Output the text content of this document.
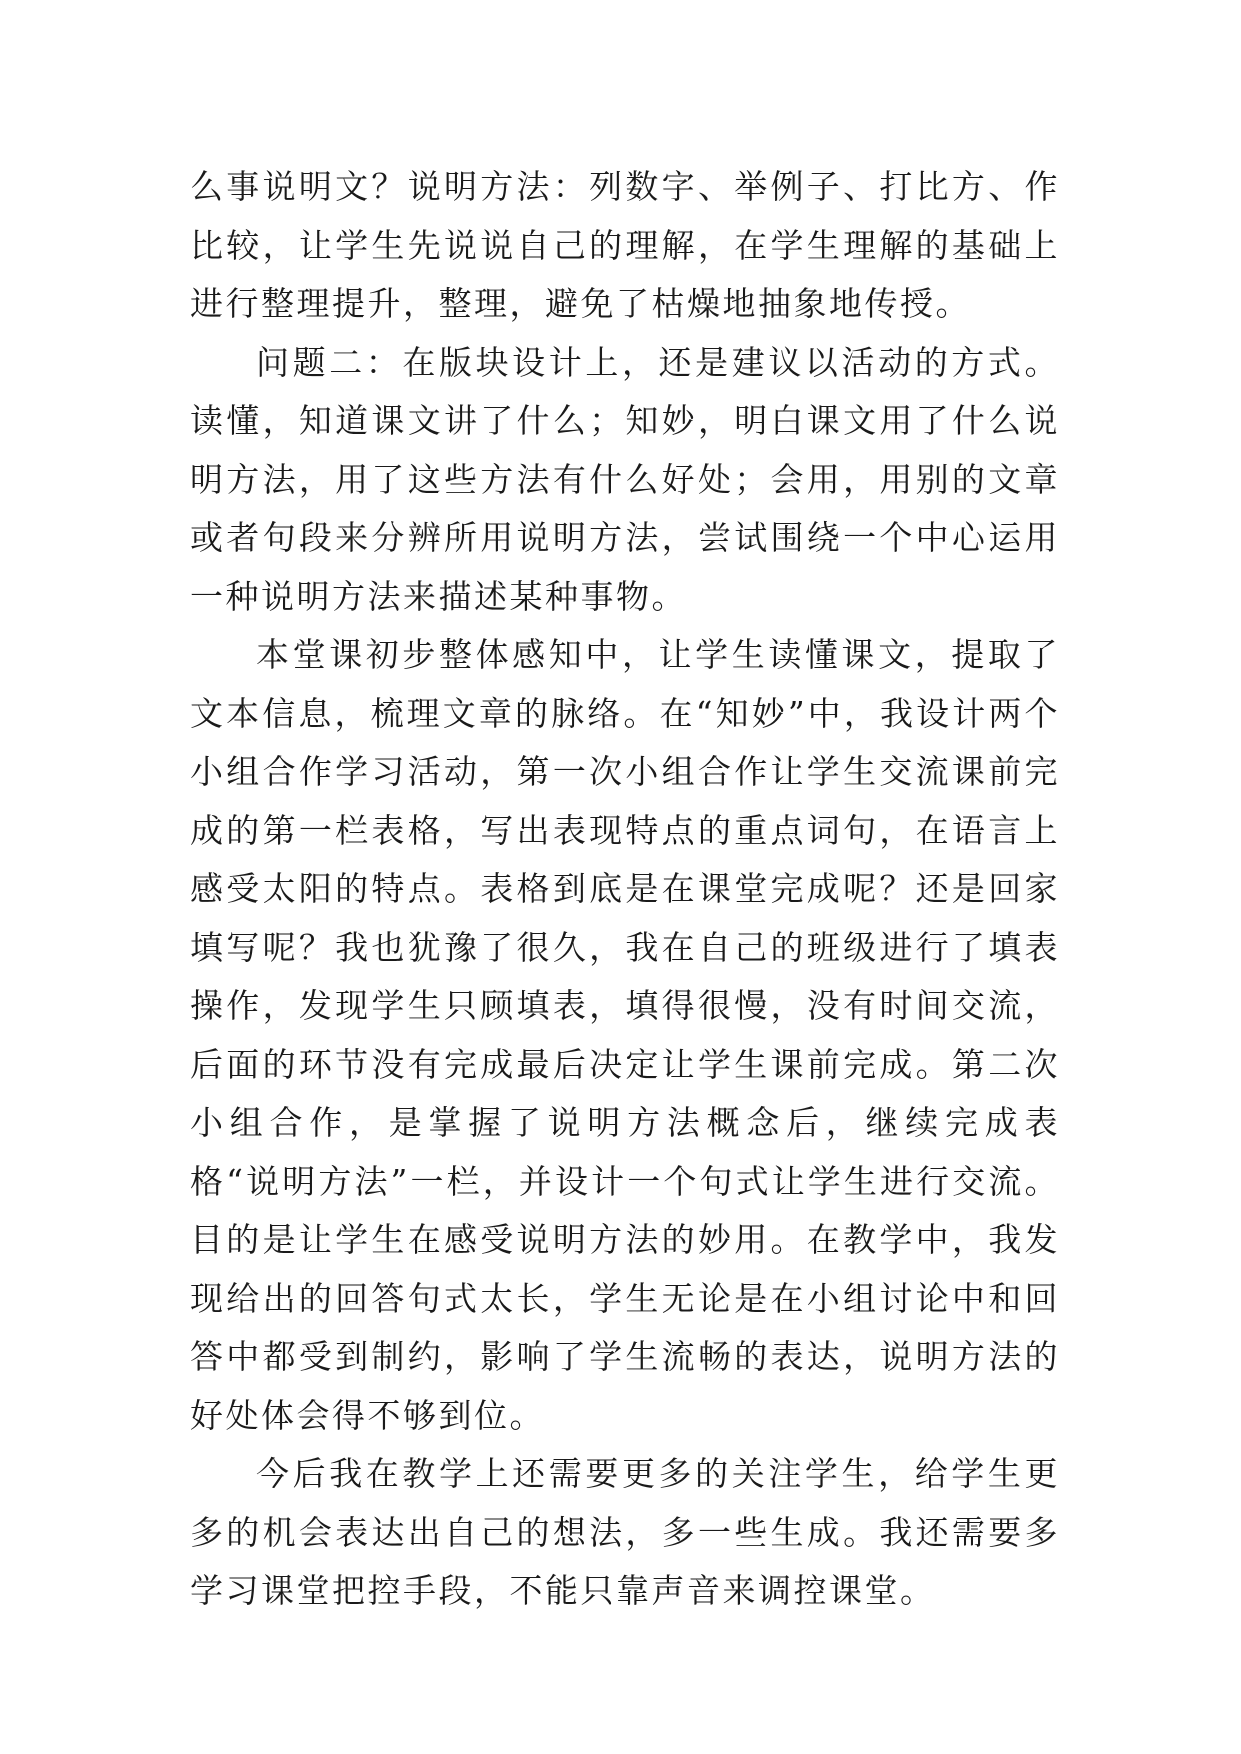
么事说明文？说明方法：列数字、举例子、打比方、作比较，让学生先说说自己的理解，在学生理解的基础上进行整理提升，整理，避免了枯燥地抽象地传授。

问题二：在版块设计上，还是建议以活动的方式。读懂，知道课文讲了什么；知妙，明白课文用了什么说明方法，用了这些方法有什么好处；会用，用别的文章或者句段来分辨所用说明方法，尝试围绕一个中心运用一种说明方法来描述某种事物。

本堂课初步整体感知中，让学生读懂课文，提取了文本信息，梳理文章的脉络。在“知妙”中，我设计两个小组合作学习活动，第一次小组合作让学生交流课前完成的第一栏表格，写出表现特点的重点词句，在语言上感受太阳的特点。表格到底是在课堂完成呢？还是回家填写呢？我也犹豫了很久，我在自己的班级进行了填表操作，发现学生只顾填表，填得很慢，没有时间交流，后面的环节没有完成最后决定让学生课前完成。第二次小组合作，是掌握了说明方法概念后，继续完成表格“说明方法”一栏，并设计一个句式让学生进行交流。目的是让学生在感受说明方法的妙用。在教学中，我发现给出的回答句式太长，学生无论是在小组讨论中和回答中都受到制约，影响了学生流畅的表达，说明方法的好处体会得不够到位。

今后我在教学上还需要更多的关注学生，给学生更多的机会表达出自己的想法，多一些生成。我还需要多学习课堂把控手段，不能只靠声音来调控课堂。
